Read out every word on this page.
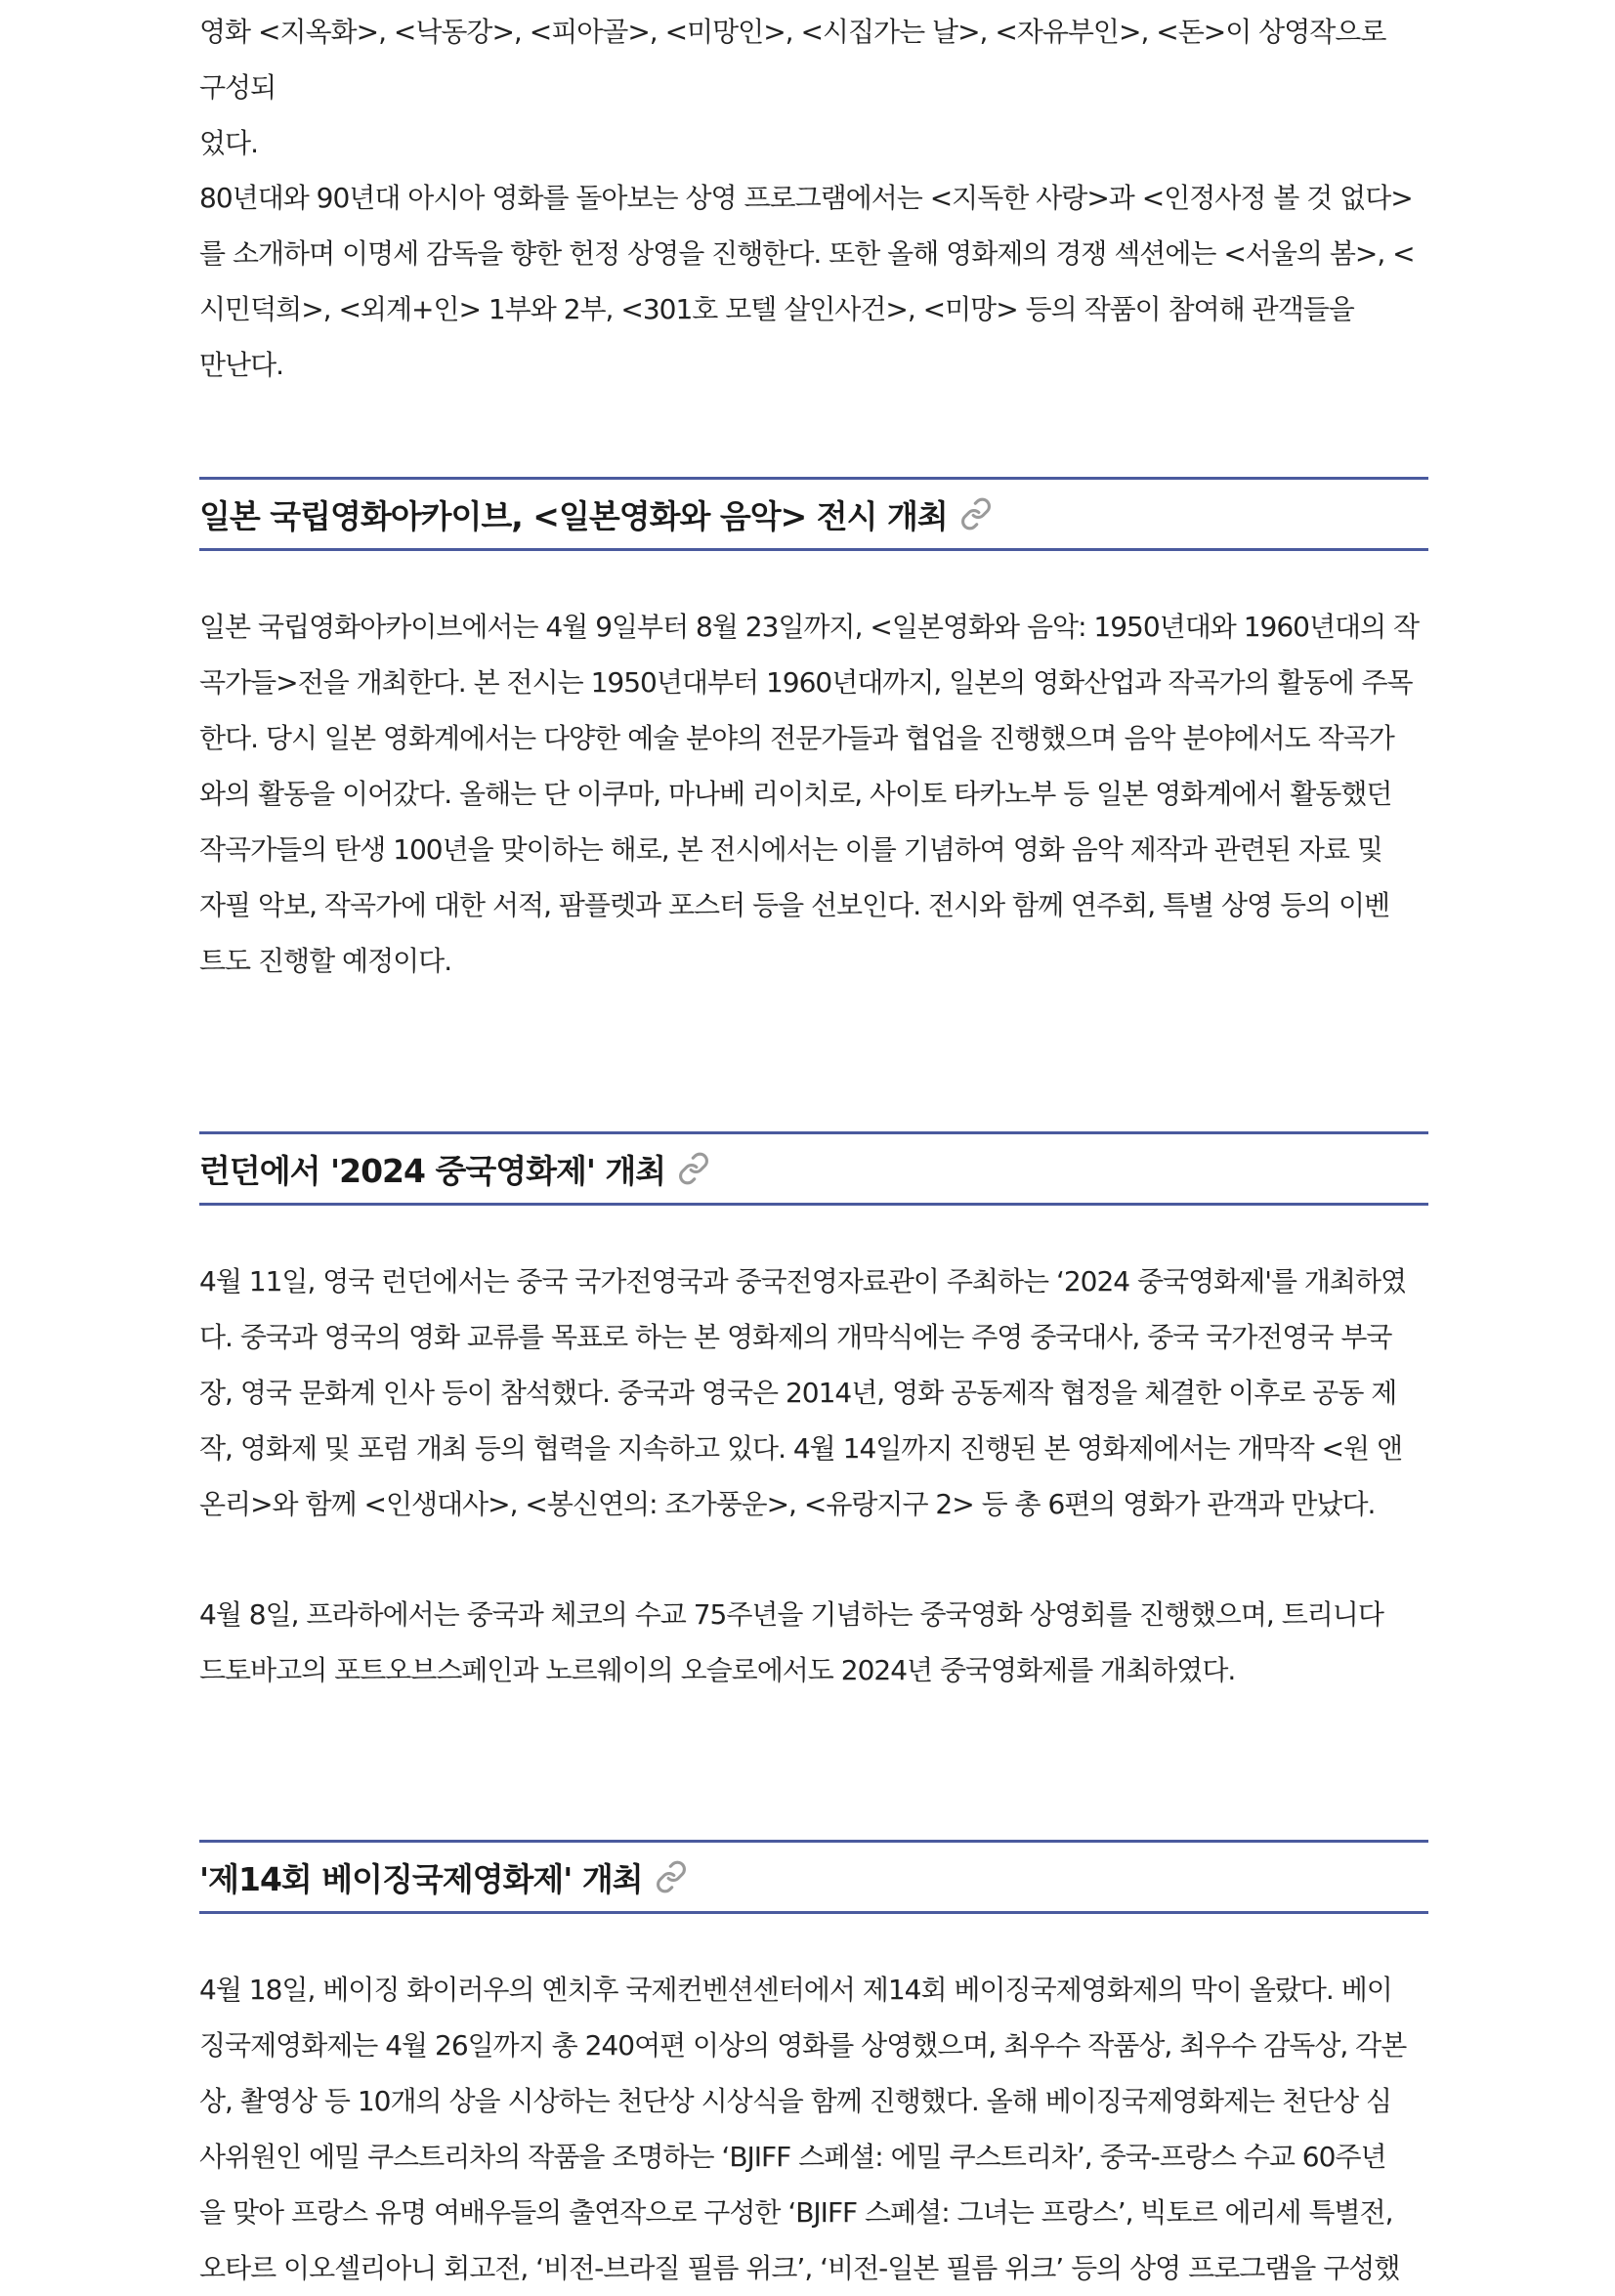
영화 <지옥화>, <낙동강>, <피아골>, <미망인>, <시집가는 날>, <자유부인>, <돈>이 상영작으로 구성되

었다.

80년대와 90년대 아시아 영화를 돌아보는 상영 프로그램에서는 <지독한 사랑>과 <인정사정 볼 것 없다>

를 소개하며 이명세 감독을 향한 헌정 상영을 진행한다. 또한 올해 영화제의 경쟁 섹션에는 <서울의 봄>, <

시민덕희>, <외계+인> 1부와 2부, <301호 모텔 살인사건>, <미망> 등의 작품이 참여해 관객들을 만난다.

일본 국립영화아카이브, <일본영화와 음악> 전시 개최

일본 국립영화아카이브에서는 4월 9일부터 8월 23일까지, <일본영화와 음악: 1950년대와 1960년대의 작

곡가들>전을 개최한다. 본 전시는 1950년대부터 1960년대까지, 일본의 영화산업과 작곡가의 활동에 주목

한다. 당시 일본 영화계에서는 다양한 예술 분야의 전문가들과 협업을 진행했으며 음악 분야에서도 작곡가

와의 활동을 이어갔다. 올해는 단 이쿠마, 마나베 리이치로, 사이토 타카노부 등 일본 영화계에서 활동했던

작곡가들의 탄생 100년을 맞이하는 해로, 본 전시에서는 이를 기념하여 영화 음악 제작과 관련된 자료 및

자필 악보, 작곡가에 대한 서적, 팜플렛과 포스터 등을 선보인다. 전시와 함께 연주회, 특별 상영 등의 이벤

트도 진행할 예정이다.

런던에서 '2024 중국영화제' 개최

4월 11일, 영국 런던에서는 중국 국가전영국과 중국전영자료관이 주최하는 ‘2024 중국영화제'를 개최하였

다. 중국과 영국의 영화 교류를 목표로 하는 본 영화제의 개막식에는 주영 중국대사, 중국 국가전영국 부국

장, 영국 문화계 인사 등이 참석했다. 중국과 영국은 2014년, 영화 공동제작 협정을 체결한 이후로 공동 제

작, 영화제 및 포럼 개최 등의 협력을 지속하고 있다. 4월 14일까지 진행된 본 영화제에서는 개막작 <원 앤

온리>와 함께 <인생대사>, <봉신연의: 조가풍운>, <유랑지구 2> 등 총 6편의 영화가 관객과 만났다.

4월 8일, 프라하에서는 중국과 체코의 수교 75주년을 기념하는 중국영화 상영회를 진행했으며, 트리니다

드토바고의 포트오브스페인과 노르웨이의 오슬로에서도 2024년 중국영화제를 개최하였다.

'제14회 베이징국제영화제' 개최

4월 18일, 베이징 화이러우의 옌치후 국제컨벤션센터에서 제14회 베이징국제영화제의 막이 올랐다. 베이

징국제영화제는 4월 26일까지 총 240여편 이상의 영화를 상영했으며, 최우수 작품상, 최우수 감독상, 각본

상, 촬영상 등 10개의 상을 시상하는 천단상 시상식을 함께 진행했다. 올해 베이징국제영화제는 천단상 심

사위원인 에밀 쿠스트리차의 작품을 조명하는 ‘BJIFF 스페셜: 에밀 쿠스트리차’, 중국-프랑스 수교 60주년

을 맞아 프랑스 유명 여배우들의 출연작으로 구성한 ‘BJIFF 스페셜: 그녀는 프랑스’, 빅토르 에리세 특별전,

오타르 이오셀리아니 회고전, ‘비전-브라질 필름 위크’, ‘비전-일본 필름 위크’ 등의 상영 프로그램을 구성했
